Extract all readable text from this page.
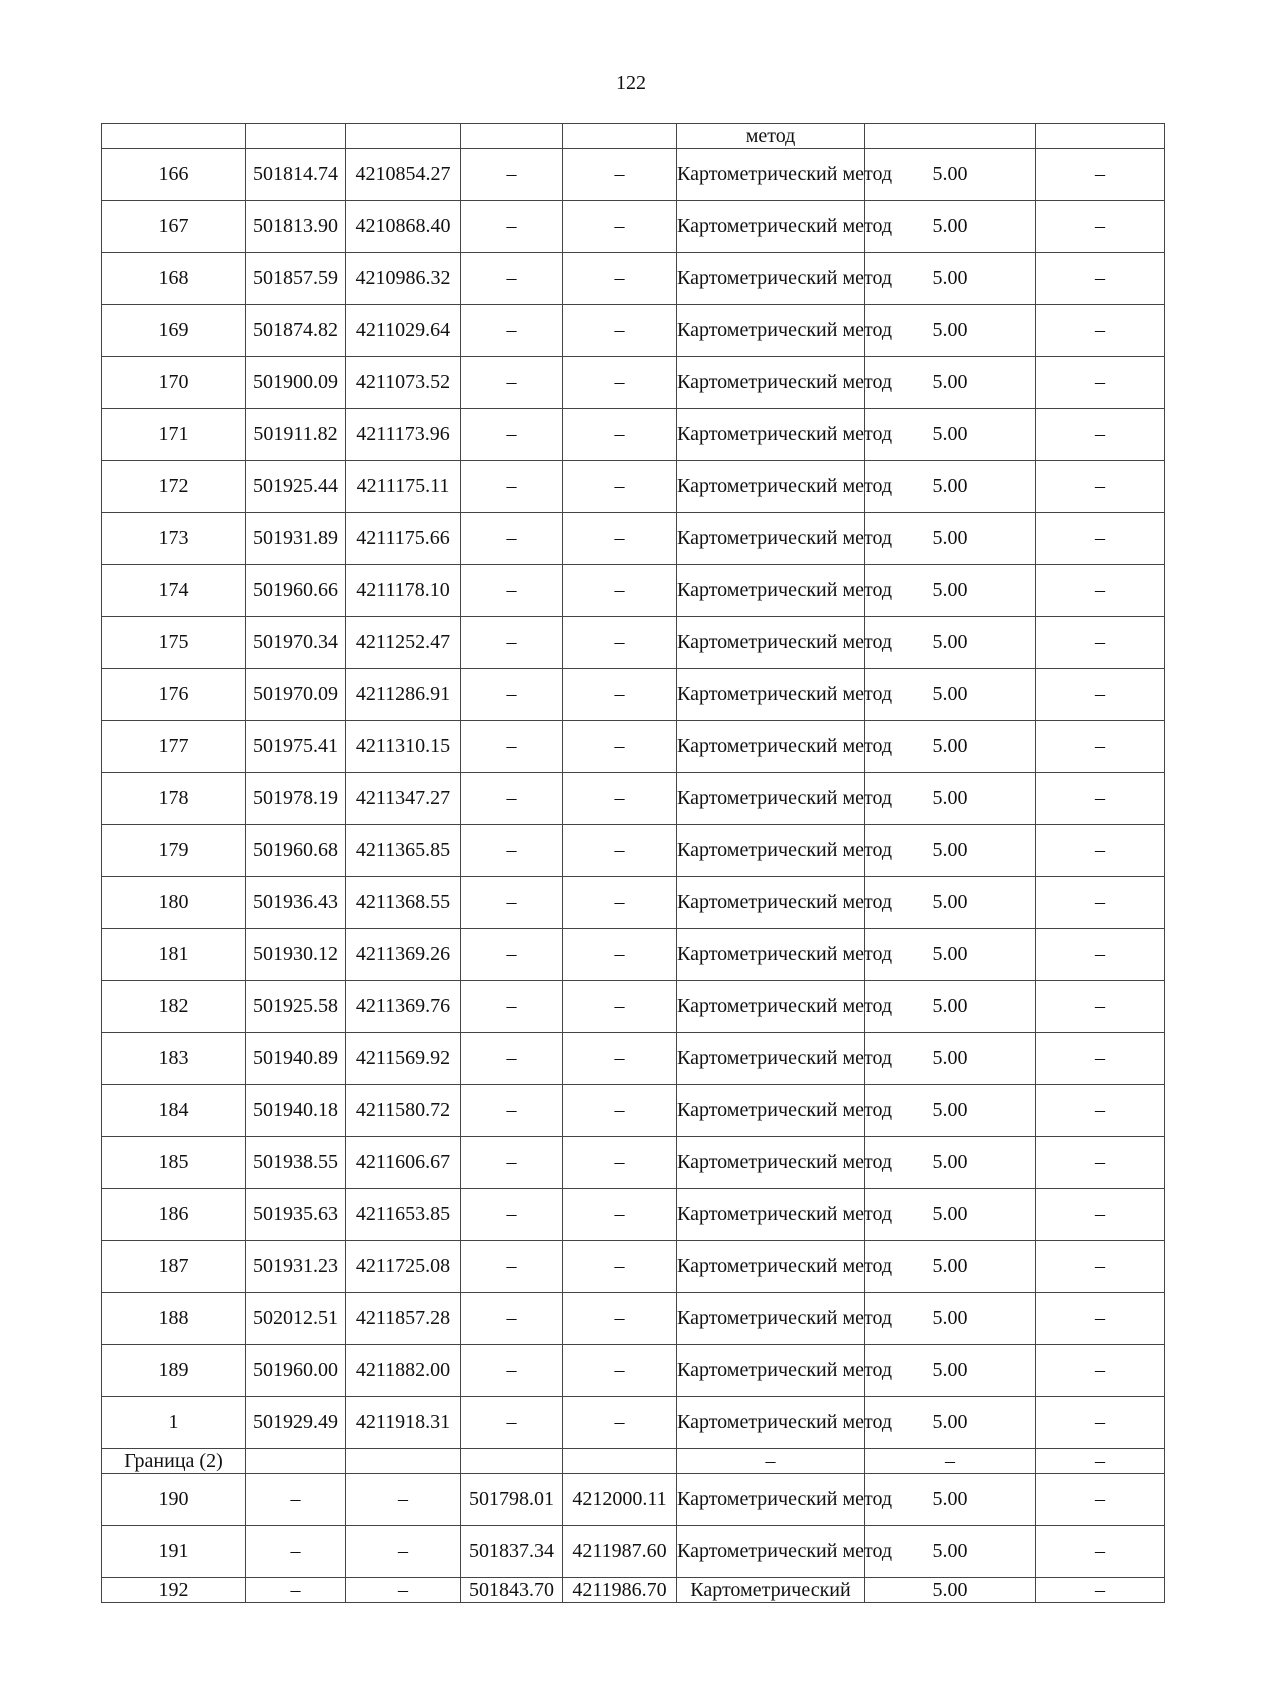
122
					метод		
166	501814.74	4210854.27	–	–	Картометрический метод	5.00	–
167	501813.90	4210868.40	–	–	Картометрический метод	5.00	–
168	501857.59	4210986.32	–	–	Картометрический метод	5.00	–
169	501874.82	4211029.64	–	–	Картометрический метод	5.00	–
170	501900.09	4211073.52	–	–	Картометрический метод	5.00	–
171	501911.82	4211173.96	–	–	Картометрический метод	5.00	–
172	501925.44	4211175.11	–	–	Картометрический метод	5.00	–
173	501931.89	4211175.66	–	–	Картометрический метод	5.00	–
174	501960.66	4211178.10	–	–	Картометрический метод	5.00	–
175	501970.34	4211252.47	–	–	Картометрический метод	5.00	–
176	501970.09	4211286.91	–	–	Картометрический метод	5.00	–
177	501975.41	4211310.15	–	–	Картометрический метод	5.00	–
178	501978.19	4211347.27	–	–	Картометрический метод	5.00	–
179	501960.68	4211365.85	–	–	Картометрический метод	5.00	–
180	501936.43	4211368.55	–	–	Картометрический метод	5.00	–
181	501930.12	4211369.26	–	–	Картометрический метод	5.00	–
182	501925.58	4211369.76	–	–	Картометрический метод	5.00	–
183	501940.89	4211569.92	–	–	Картометрический метод	5.00	–
184	501940.18	4211580.72	–	–	Картометрический метод	5.00	–
185	501938.55	4211606.67	–	–	Картометрический метод	5.00	–
186	501935.63	4211653.85	–	–	Картометрический метод	5.00	–
187	501931.23	4211725.08	–	–	Картометрический метод	5.00	–
188	502012.51	4211857.28	–	–	Картометрический метод	5.00	–
189	501960.00	4211882.00	–	–	Картометрический метод	5.00	–
1	501929.49	4211918.31	–	–	Картометрический метод	5.00	–
Граница (2)					–	–	–
190	–	–	501798.01	4212000.11	Картометрический метод	5.00	–
191	–	–	501837.34	4211987.60	Картометрический метод	5.00	–
192	–	–	501843.70	4211986.70	Картометрический	5.00	–
